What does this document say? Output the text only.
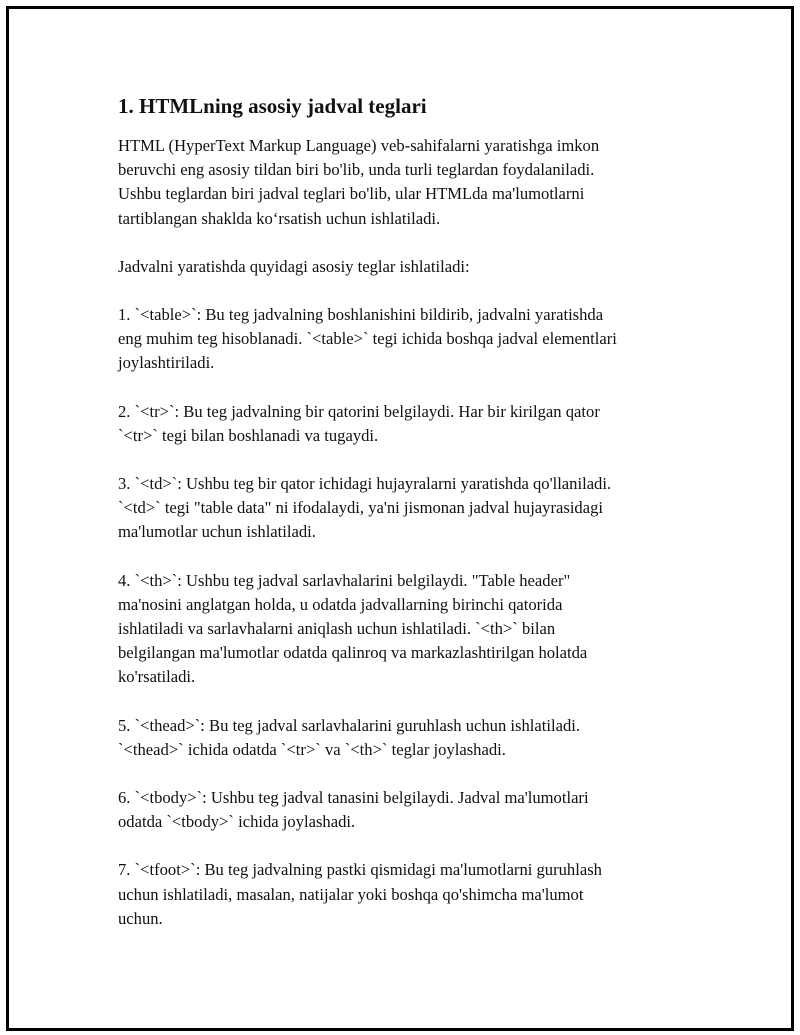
1. HTMLning asosiy jadval teglari

HTML (HyperText Markup Language) veb-sahifalarni yaratishga imkon
beruvchi eng asosiy tildan biri bo'lib, unda turli teglardan foydalaniladi.
Ushbu teglardan biri jadval teglari bo'lib, ular HTMLda ma'lumotlarni
tartiblangan shaklda koʻrsatish uchun ishlatiladi.

Jadvalni yaratishda quyidagi asosiy teglar ishlatiladi:

1. `<table>`: Bu teg jadvalning boshlanishini bildirib, jadvalni yaratishda
eng muhim teg hisoblanadi. `<table>` tegi ichida boshqa jadval elementlari
joylashtiriladi.

2. `<tr>`: Bu teg jadvalning bir qatorini belgilaydi. Har bir kirilgan qator
`<tr>` tegi bilan boshlanadi va tugaydi.

3. `<td>`: Ushbu teg bir qator ichidagi hujayralarni yaratishda qo'llaniladi.
`<td>` tegi "table data" ni ifodalaydi, ya'ni jismonan jadval hujayrasidagi
ma'lumotlar uchun ishlatiladi.

4. `<th>`: Ushbu teg jadval sarlavhalarini belgilaydi. "Table header"
ma'nosini anglatgan holda, u odatda jadvallarning birinchi qatorida
ishlatiladi va sarlavhalarni aniqlash uchun ishlatiladi. `<th>` bilan
belgilangan ma'lumotlar odatda qalinroq va markazlashtirilgan holatda
ko'rsatiladi.

5. `<thead>`: Bu teg jadval sarlavhalarini guruhlash uchun ishlatiladi.
`<thead>` ichida odatda `<tr>` va `<th>` teglar joylashadi.

6. `<tbody>`: Ushbu teg jadval tanasini belgilaydi. Jadval ma'lumotlari
odatda `<tbody>` ichida joylashadi.

7. `<tfoot>`: Bu teg jadvalning pastki qismidagi ma'lumotlarni guruhlash
uchun ishlatiladi, masalan, natijalar yoki boshqa qo'shimcha ma'lumot
uchun.
